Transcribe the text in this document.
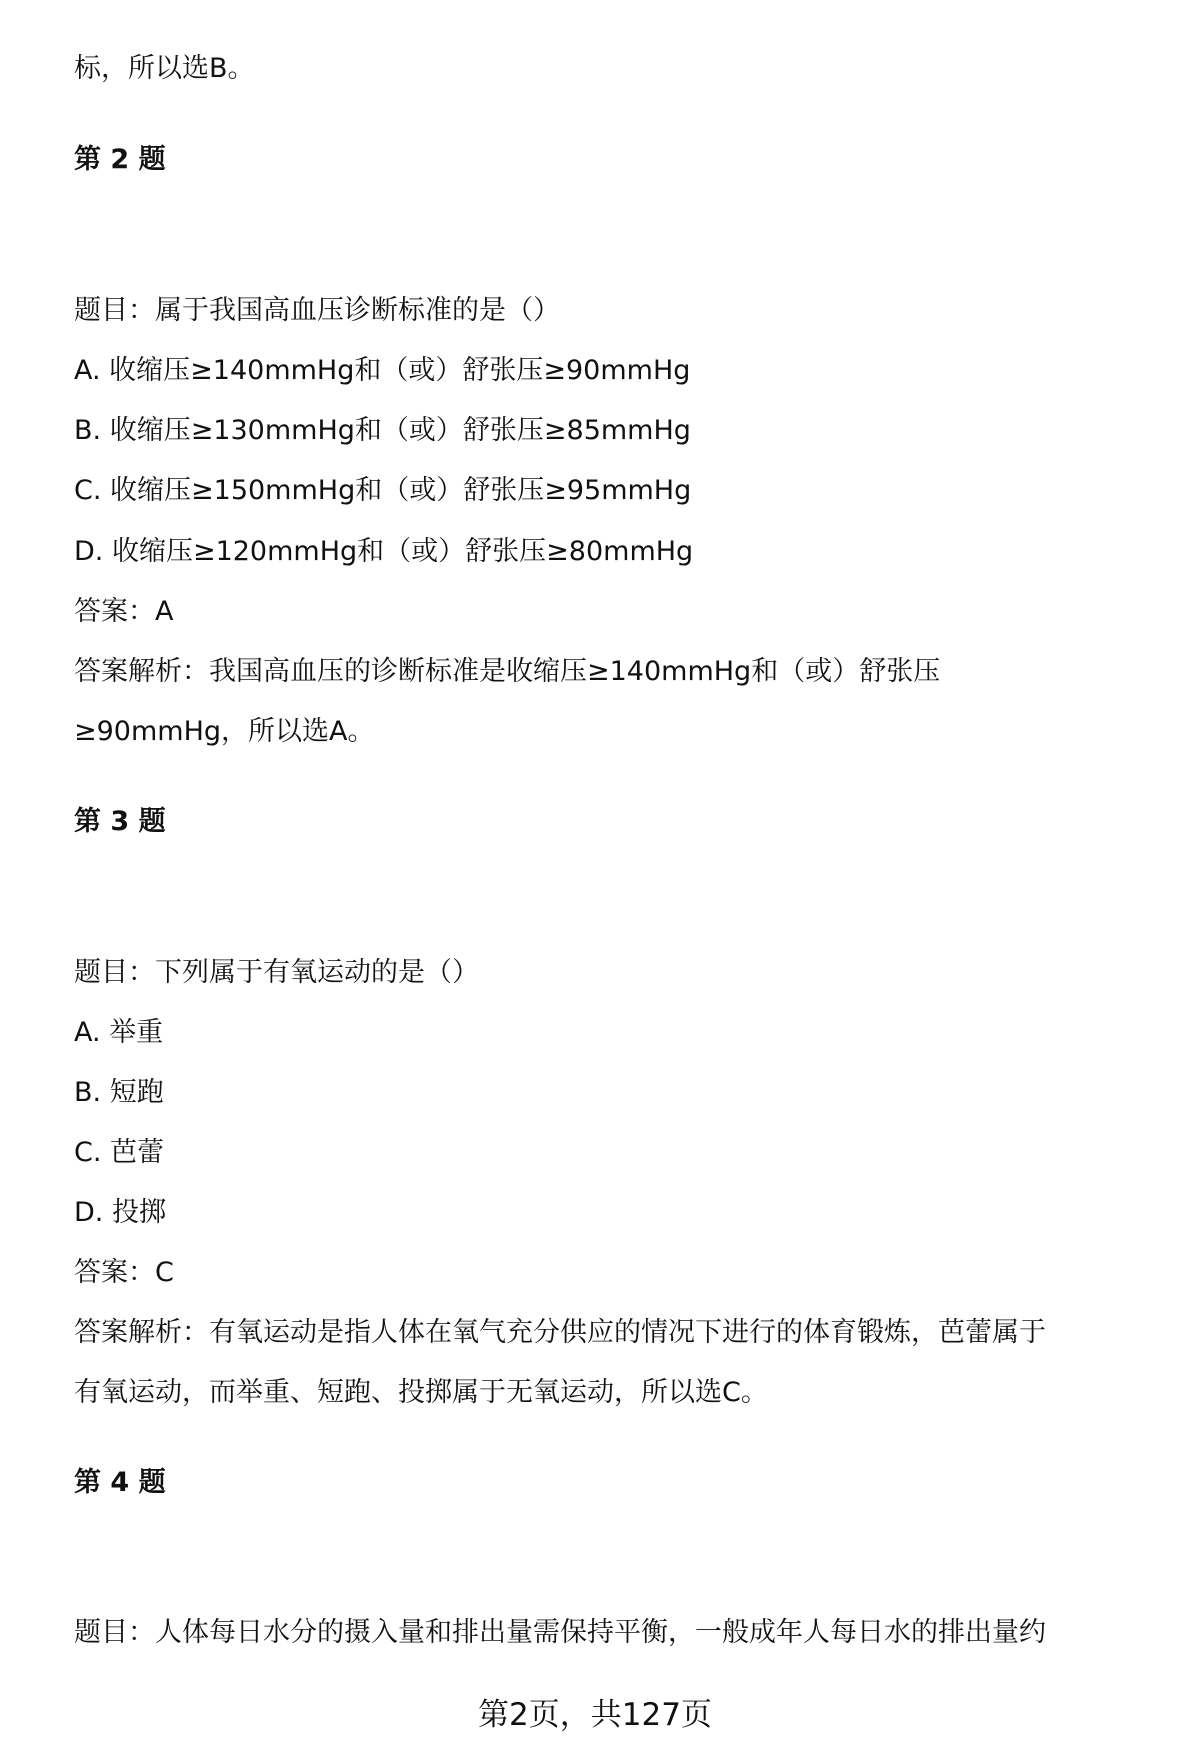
标，所以选B。
第 2 题
题目：属于我国高血压诊断标准的是（）
A. 收缩压≥140mmHg和（或）舒张压≥90mmHg
B. 收缩压≥130mmHg和（或）舒张压≥85mmHg
C. 收缩压≥150mmHg和（或）舒张压≥95mmHg
D. 收缩压≥120mmHg和（或）舒张压≥80mmHg
答案：A
答案解析：我国高血压的诊断标准是收缩压≥140mmHg和（或）舒张压
≥90mmHg，所以选A。
第 3 题
题目：下列属于有氧运动的是（）
A. 举重
B. 短跑
C. 芭蕾
D. 投掷
答案：C
答案解析：有氧运动是指人体在氧气充分供应的情况下进行的体育锻炼，芭蕾属于
有氧运动，而举重、短跑、投掷属于无氧运动，所以选C。
第 4 题
题目：人体每日水分的摄入量和排出量需保持平衡，一般成年人每日水的排出量约
第2页，共127页
